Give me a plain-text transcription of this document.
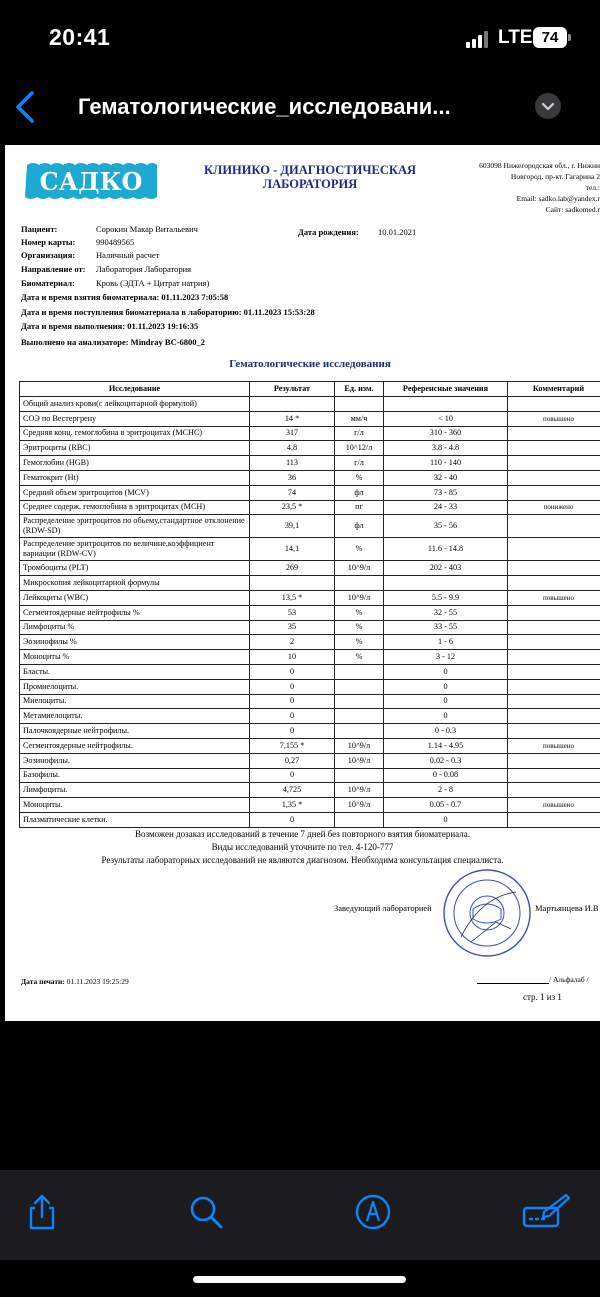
20:41	LTE 74
Гематологические_исследовани...
САДКО	КЛИНИКО - ДИАГНОСТИЧЕСКАЯ ЛАБОРАТОРИЯ
603098 Нижегородская обл., г. Нижни
Новгород, пр-кт. Гагарина 2
тел.:
Email: sadko.lab@yandex.r
Сайт: sadkomed.r
Пациент:	Сорокин Макар Витальевич	Дата рождения: 10.01.2021
Номер карты: 990489565
Организация: Наличный расчет
Направление от: Лаборатория Лаборатория
Биоматериал: Кровь (ЭДТА + Цитрат натрия)
Дата и время взятия биоматериала: 01.11.2023 7:05:58
Дата и время поступления биоматериала в лабораторию: 01.11.2023 15:53:28
Дата и время выполнения: 01.11.2023 19:16:35
Выполнено на анализаторе: Mindray BC-6800_2
Гематологические исследования
Исследование	Результат	Ед. изм.	Референсные значения	Комментарий
Общий анализ крови(с лейкоцитарной формулой)				
СОЭ по Вестергрену	14 *	мм/ч	< 10	повышено
Средняя конц. гемоглобина в эритроцитах (MCHC)	317	г/л	310 - 360	
Эритроциты (RBC)	4,8	10^12/л	3.8 - 4.8	
Гемоглобин (HGB)	113	г/л	110 - 140	
Гематокрит (Ht)	36	%	32 - 40	
Средний объем эритроцитов (MCV)	74	фл	73 - 85	
Среднее содерж. гемоглобина в эритроцитах (MCH)	23,5 *	пг	24 - 33	понижено
Распределение эритроцитов по обьему,стандартное отклонение (RDW-SD)	39,1	фл	35 - 56	
Распределение эритроцитов по величине,коэффициент вариации (RDW-CV)	14,1	%	11.6 - 14.8	
Тромбоциты (PLT)	269	10^9/л	202 - 403	
Микроскопия лейкоцитарной формулы				
Лейкоциты (WBC)	13,5 *	10^9/л	5.5 - 9.9	повышено
Сегментоядерные нейтрофилы %	53	%	32 - 55	
Лимфоциты %	35	%	33 - 55	
Эозинофилы %	2	%	1 - 6	
Моноциты %	10	%	3 - 12	
Бласты.	0		0	
Промиелоциты.	0		0	
Миелоциты.	0		0	
Метамиелоциты.	0		0	
Палочкоядерные нейтрофилы.	0		0 - 0.3	
Сегментоядерные нейтрофилы.	7,155 *	10^9/л	1.14 - 4.95	повышено
Эозинофилы.	0,27	10^9/л	0.02 - 0.3	
Базофилы.	0		0 - 0.08	
Лимфоциты.	4,725	10^9/л	2 - 8	
Моноциты.	1,35 *	10^9/л	0.05 - 0.7	повышено
Плазматические клетки.	0		0	
Возможен дозаказ исследований в течение 7 дней без повторного взятия биоматериала.
Виды исследований уточните по тел. 4-120-777
Результаты лабораторных исследований не являются диагнозом. Необходима консультация специалиста.
Заведующий лабораторией	Мартьянцева И.В
Дата печати: 01.11.2023 19:25:29	/ Альфалаб /
стр. 1 из 1
